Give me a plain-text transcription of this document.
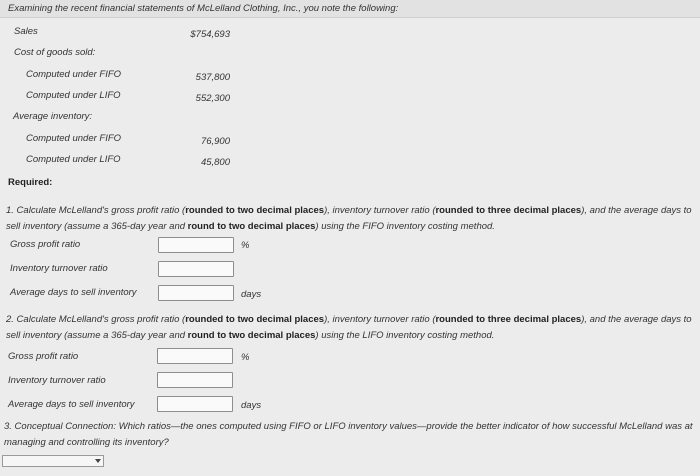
Examining the recent financial statements of McLelland Clothing, Inc., you note the following:
Sales	$754,693
Cost of goods sold:
Computed under FIFO	537,800
Computed under LIFO	552,300
Average inventory:
Computed under FIFO	76,900
Computed under LIFO	45,800
Required:
1. Calculate McLelland's gross profit ratio (rounded to two decimal places), inventory turnover ratio (rounded to three decimal places), and the average days to sell inventory (assume a 365-day year and round to two decimal places) using the FIFO inventory costing method.
Gross profit ratio	%
Inventory turnover ratio
Average days to sell inventory	days
2. Calculate McLelland's gross profit ratio (rounded to two decimal places), inventory turnover ratio (rounded to three decimal places), and the average days to sell inventory (assume a 365-day year and round to two decimal places) using the LIFO inventory costing method.
Gross profit ratio	%
Inventory turnover ratio
Average days to sell inventory	days
3. Conceptual Connection: Which ratios—the ones computed using FIFO or LIFO inventory values—provide the better indicator of how successful McLelland was at managing and controlling its inventory?
